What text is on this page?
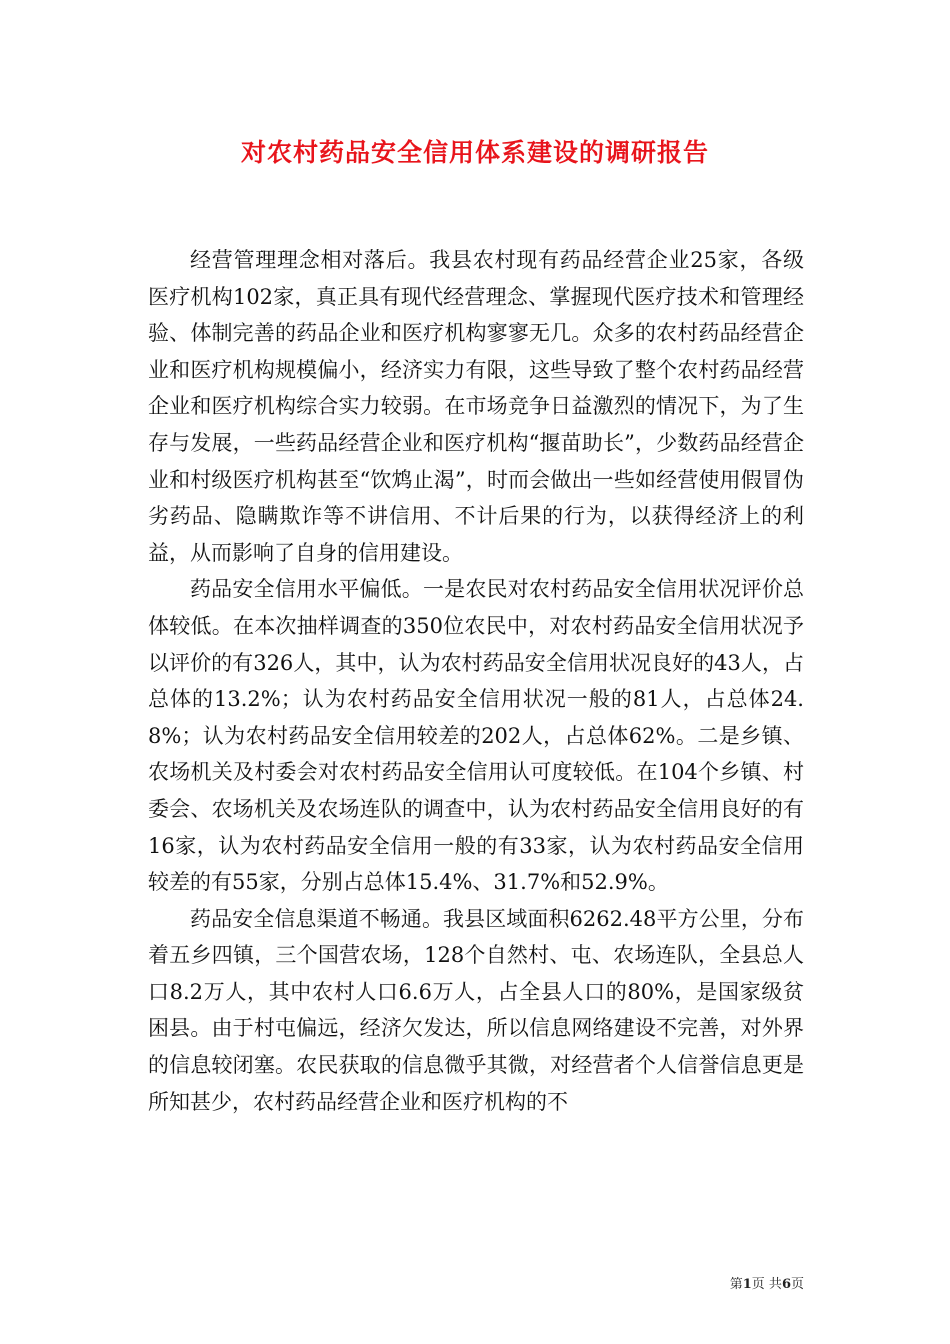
对农村药品安全信用体系建设的调研报告

经营管理理念相对落后。我县农村现有药品经营企业25家，各级医疗机构102家，真正具有现代经营理念、掌握现代医疗技术和管理经验、体制完善的药品企业和医疗机构寥寥无几。众多的农村药品经营企业和医疗机构规模偏小，经济实力有限，这些导致了整个农村药品经营企业和医疗机构综合实力较弱。在市场竞争日益激烈的情况下，为了生存与发展，一些药品经营企业和医疗机构“揠苗助长”，少数药品经营企业和村级医疗机构甚至“饮鸩止渴”，时而会做出一些如经营使用假冒伪劣药品、隐瞒欺诈等不讲信用、不计后果的行为，以获得经济上的利益，从而影响了自身的信用建设。

药品安全信用水平偏低。一是农民对农村药品安全信用状况评价总体较低。在本次抽样调查的350位农民中，对农村药品安全信用状况予以评价的有326人，其中，认为农村药品安全信用状况良好的43人，占总体的13.2%；认为农村药品安全信用状况一般的81人，占总体24.8%；认为农村药品安全信用较差的202人，占总体62%。二是乡镇、农场机关及村委会对农村药品安全信用认可度较低。在104个乡镇、村委会、农场机关及农场连队的调查中，认为农村药品安全信用良好的有16家，认为农村药品安全信用一般的有33家，认为农村药品安全信用较差的有55家，分别占总体15.4%、31.7%和52.9%。

药品安全信息渠道不畅通。我县区域面积6262.48平方公里，分布着五乡四镇，三个国营农场，128个自然村、屯、农场连队，全县总人口8.2万人，其中农村人口6.6万人，占全县人口的80%，是国家级贫困县。由于村屯偏远，经济欠发达，所以信息网络建设不完善，对外界的信息较闭塞。农民获取的信息微乎其微，对经营者个人信誉信息更是所知甚少，农村药品经营企业和医疗机构的不

第1页 共6页
